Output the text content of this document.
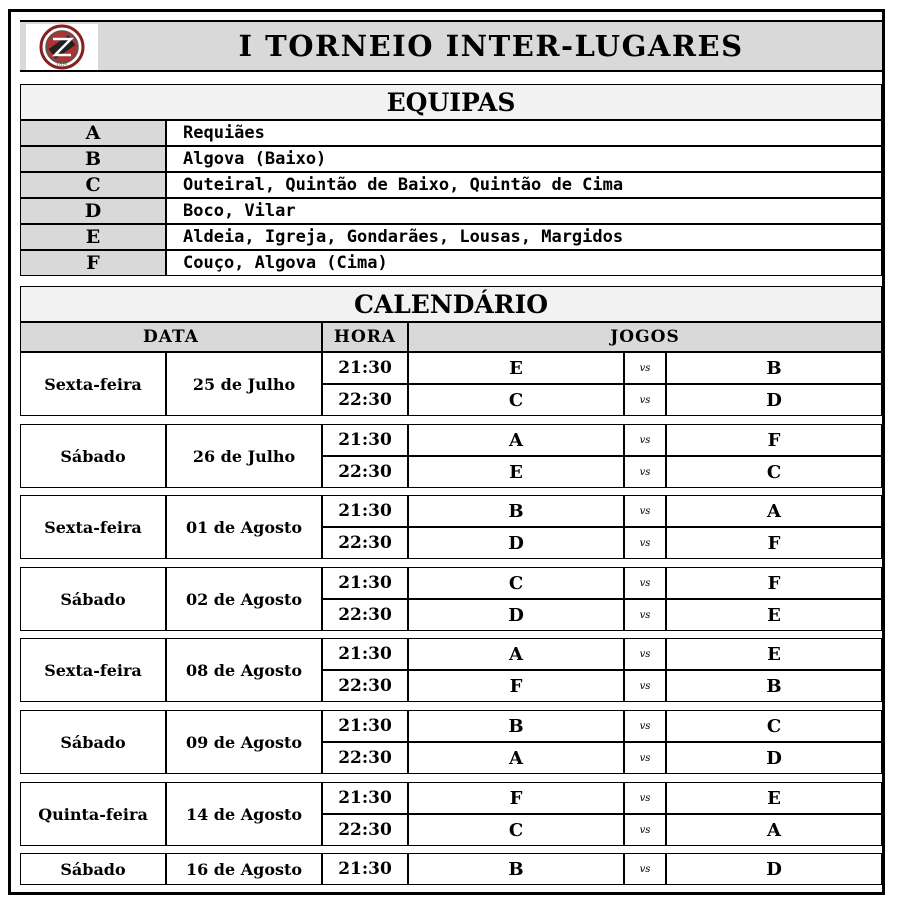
1975
I TORNEIO INTER-LUGARES
EQUIPAS
A	Requiães
B	Algova (Baixo)
C	Outeiral, Quintão de Baixo, Quintão de Cima
D	Boco, Vilar
E	Aldeia, Igreja, Gondarães, Lousas, Margidos
F	Couço, Algova (Cima)
CALENDÁRIO
DATA	HORA	JOGOS
Sexta-feira	25 de Julho
21:30	E	vs	B
22:30	C	vs	D
Sábado	26 de Julho
21:30	A	vs	F
22:30	E	vs	C
Sexta-feira	01 de Agosto
21:30	B	vs	A
22:30	D	vs	F
Sábado	02 de Agosto
21:30	C	vs	F
22:30	D	vs	E
Sexta-feira	08 de Agosto
21:30	A	vs	E
22:30	F	vs	B
Sábado	09 de Agosto
21:30	B	vs	C
22:30	A	vs	D
Quinta-feira	14 de Agosto
21:30	F	vs	E
22:30	C	vs	A
Sábado	16 de Agosto	21:30	B	vs	D
